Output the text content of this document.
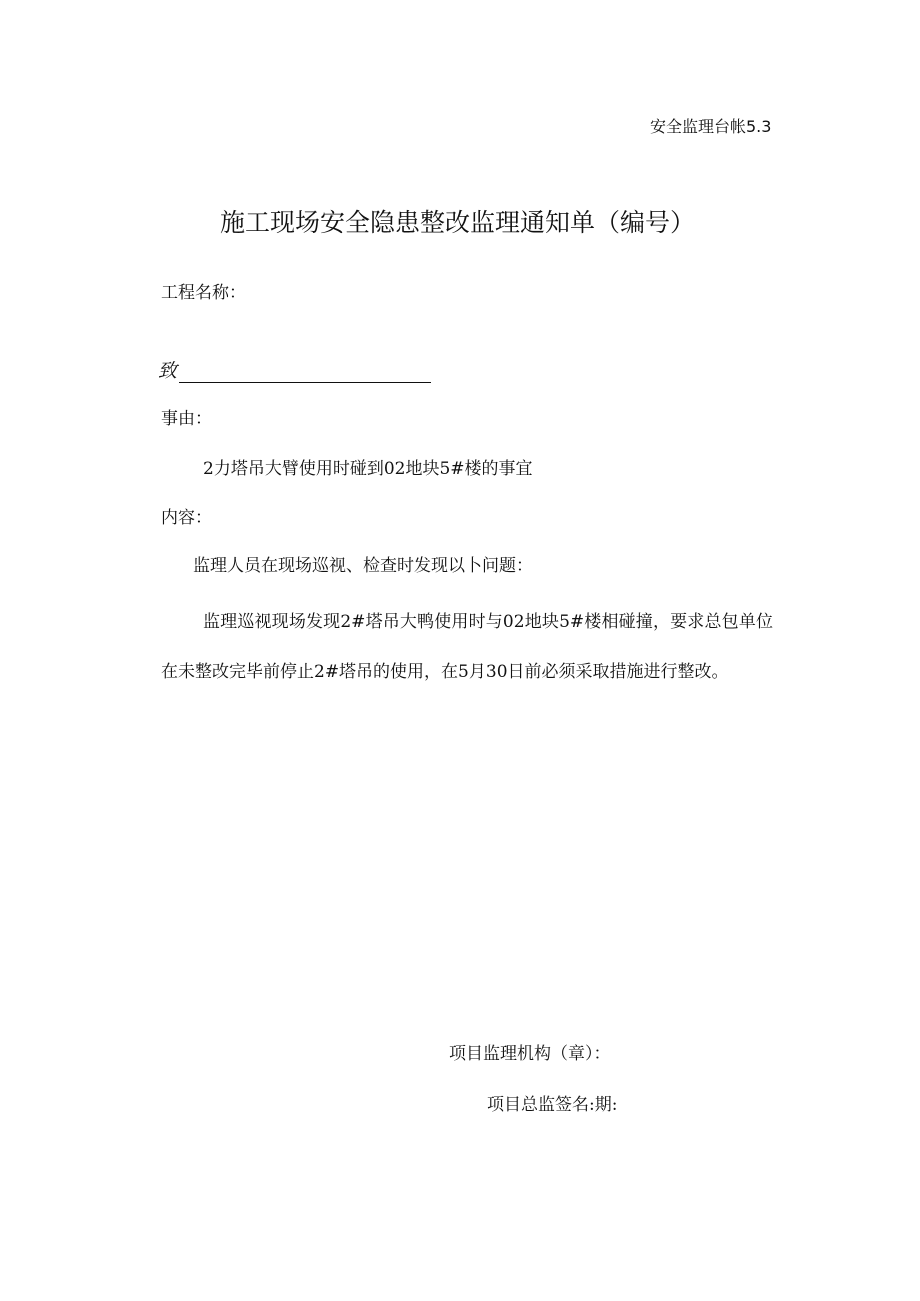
安全监理台帐5.3
施工现场安全隐患整改监理通知单（编号）
工程名称：
致
事由：
2力塔吊大臂使用时碰到02地块5#楼的事宜
内容：
监理人员在现场巡视、检查时发现以卜问题：
监理巡视现场发现2#塔吊大鸭使用时与02地块5#楼相碰撞，要求总包单位在未整改完毕前停止2#塔吊的使用，在5月30日前必须采取措施进行整改。
项目监理机构（章）：
项目总监签名:期:
